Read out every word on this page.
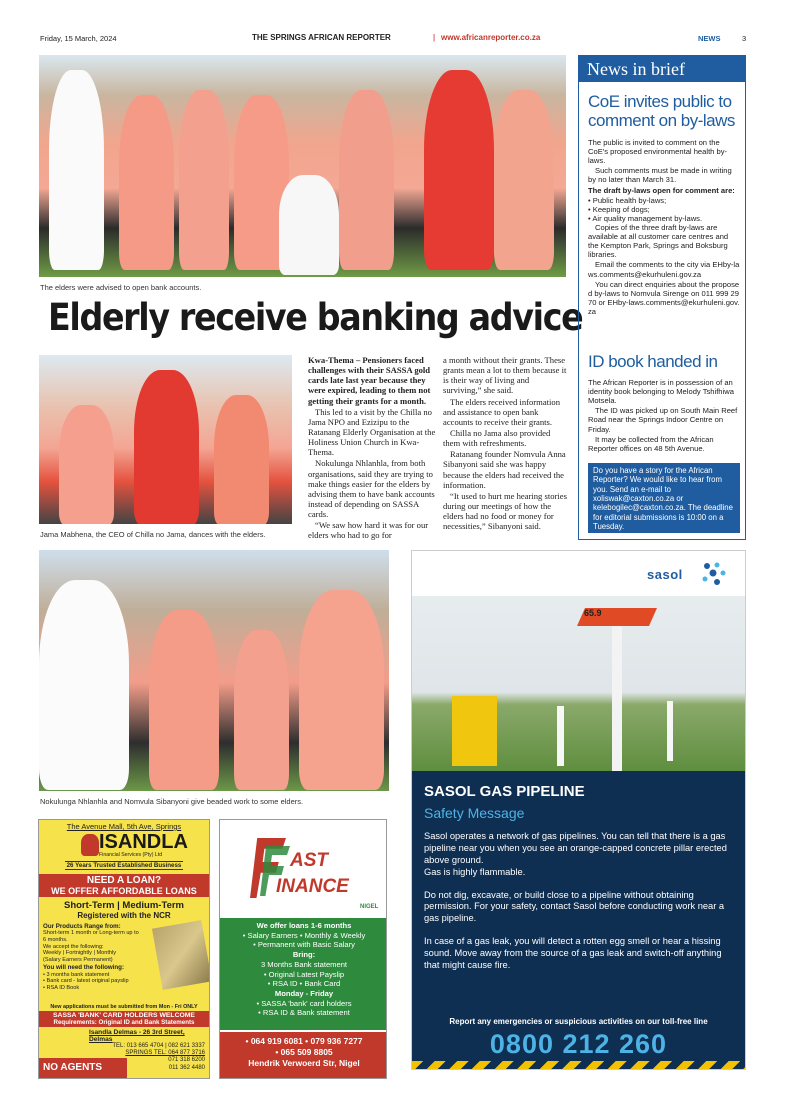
Friday, 15 March, 2024	THE SPRINGS AFRICAN REPORTER	| www.africanreporter.co.za	NEWS	3
The elders were advised to open bank accounts.
Elderly receive banking advice
Jama Mabhena, the CEO of Chilla no Jama, dances with the elders.

Kwa-Thema – Pensioners faced challenges with their SASSA gold cards late last year because they were expired, leading to them not getting their grants for a month.

This led to a visit by the Chilla no Jama NPO and Ezizipu to the Ratanang Elderly Organisation at the Holiness Union Church in Kwa-Thema.

Nokulunga Nhlanhla, from both organisations, said they are trying to make things easier for the elders by advising them to have bank accounts instead of depending on SASSA cards.

“We saw how hard it was for our elders who had to go for

a month without their grants. These grants mean a lot to them because it is their way of living and surviving,” she said.

The elders received information and assistance to open bank accounts to receive their grants.

Chilla no Jama also provided them with refreshments.

Ratanang founder Nomvula Anna Sibanyoni said she was happy because the elders had received the information.

“It used to hurt me hearing stories during our meetings of how the elders had no food or money for necessities,” Sibanyoni said.

Nokulunga Nhlanhla and Nomvula Sibanyoni give beaded work to some elders.
News in brief
CoE invites public to comment on by-laws

The public is invited to comment on the CoE's proposed environmental health by-laws.

Such comments must be made in writing by no later than March 31.

The draft by-laws open for comment are:

• Public health by-laws;
• Keeping of dogs;
• Air quality management by-laws.

Copies of the three draft by-laws are available at all customer care centres and the Kempton Park, Springs and Boksburg libraries.

Email the comments to the city via EHby-laws.comments@ekurhuleni.gov.za

You can direct enquiries about the proposed by-laws to Nomvula Sirenge on 011 999 2970 or EHby-laws.comments@ekurhuleni.gov.za

ID book handed in

The African Reporter is in possession of an identity book belonging to Melody Tshifhiwa Motsela.

The ID was picked up on South Main Reef Road near the Springs Indoor Centre on Friday.

It may be collected from the African Reporter offices on 48 5th Avenue.

Do you have a story for the African Reporter? We would like to hear from you. Send an e-mail to xoliswak@caxton.co.za or kelebogilec@caxton.co.za. The deadline for editorial submissions is 10:00 on a Tuesday.
sasol
65.9
SASOL GAS PIPELINE
Safety Message

Sasol operates a network of gas pipelines. You can tell that there is a gas pipeline near you when you see an orange-capped concrete pillar erected above ground.

Gas is highly flammable.

Do not dig, excavate, or build close to a pipeline without obtaining permission. For your safety, contact Sasol before conducting work near a gas pipeline.

In case of a gas leak, you will detect a rotten egg smell or hear a hissing sound. Move away from the source of a gas leak and switch-off anything that might cause fire.

Report any emergencies or suspicious activities on our toll-free line
0800 212 260
The Avenue Mall, 5th Ave, Springs
ISANDLA
Financial Services (Pty) Ltd
26 Years Trusted Established Business
NEED A LOAN?
WE OFFER AFFORDABLE LOANS
Short-Term | Medium-Term
Registered with the NCR
Our Products Range from:
Short-term 1 month or Long-term up to
6 months.
We accept the following:
Weekly | Fortnightly | Monthly
(Salary Earners Permanent)
You will need the following:
• 3 months bank statement
• Bank card - latest original payslip
• RSA ID Book
New applications must be submitted from Mon - Fri ONLY
SASSA 'BANK' CARD HOLDERS WELCOME
Requirements: Original ID and Bank Statements
Isandla Delmas - 26 3rd Street, Delmas
TEL: 013 665 4704 | 082 621 3337
SPRINGS TEL: 064 877 3716
071 318 6200
011 362 4480
NO AGENTS
AST
INANCE
NIGEL
We offer loans 1-6 months
• Salary Earners • Monthly & Weekly
• Permanent with Basic Salary
Bring:
3 Months Bank statement
• Original Latest Payslip
• RSA ID • Bank Card
Monday - Friday
• SASSA 'bank' card holders
• RSA ID & Bank statement
• 064 919 6081 • 079 936 7277
• 065 509 8805
Hendrik Verwoerd Str, Nigel
